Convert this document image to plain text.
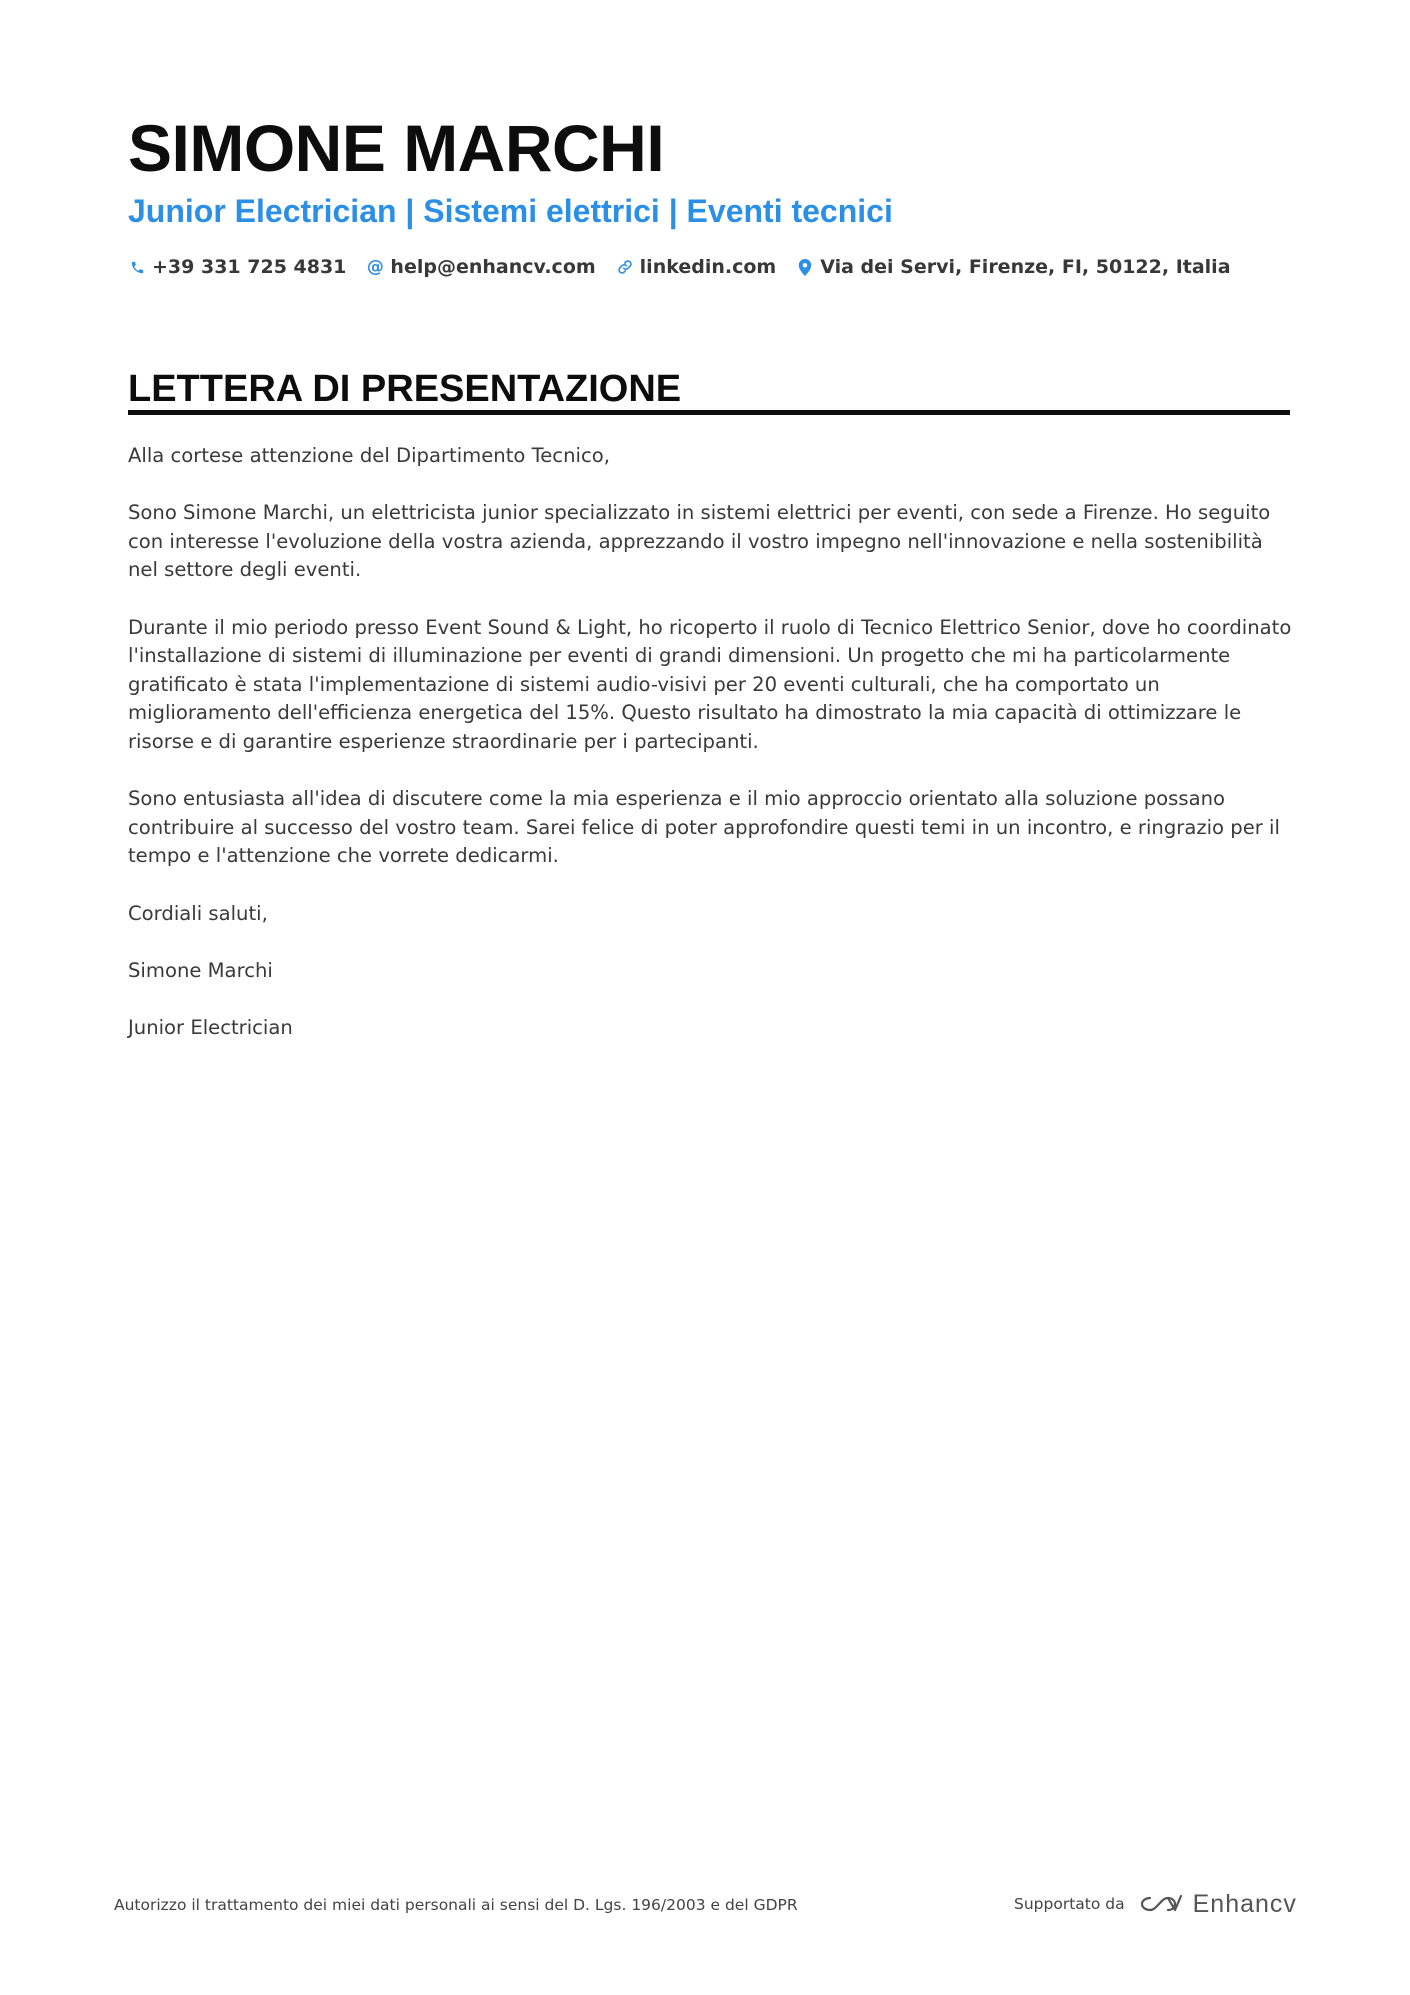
SIMONE MARCHI
Junior Electrician | Sistemi elettrici | Eventi tecnici
+39 331 725 4831 @ help@enhancv.com linkedin.com Via dei Servi, Firenze, FI, 50122, Italia
LETTERA DI PRESENTAZIONE

Alla cortese attenzione del Dipartimento Tecnico,

Sono Simone Marchi, un elettricista junior specializzato in sistemi elettrici per eventi, con sede a Firenze. Ho seguito con interesse l'evoluzione della vostra azienda, apprezzando il vostro impegno nell'innovazione e nella sostenibilità nel settore degli eventi.

Durante il mio periodo presso Event Sound & Light, ho ricoperto il ruolo di Tecnico Elettrico Senior, dove ho coordinato l'installazione di sistemi di illuminazione per eventi di grandi dimensioni. Un progetto che mi ha particolarmente gratificato è stata l'implementazione di sistemi audio-visivi per 20 eventi culturali, che ha comportato un miglioramento dell'efficienza energetica del 15%. Questo risultato ha dimostrato la mia capacità di ottimizzare le risorse e di garantire esperienze straordinarie per i partecipanti.

Sono entusiasta all'idea di discutere come la mia esperienza e il mio approccio orientato alla soluzione possano contribuire al successo del vostro team. Sarei felice di poter approfondire questi temi in un incontro, e ringrazio per il tempo e l'attenzione che vorrete dedicarmi.

Cordiali saluti,

Simone Marchi

Junior Electrician

Autorizzo il trattamento dei miei dati personali ai sensi del D. Lgs. 196/2003 e del GDPR	Supportato da	Enhancv
